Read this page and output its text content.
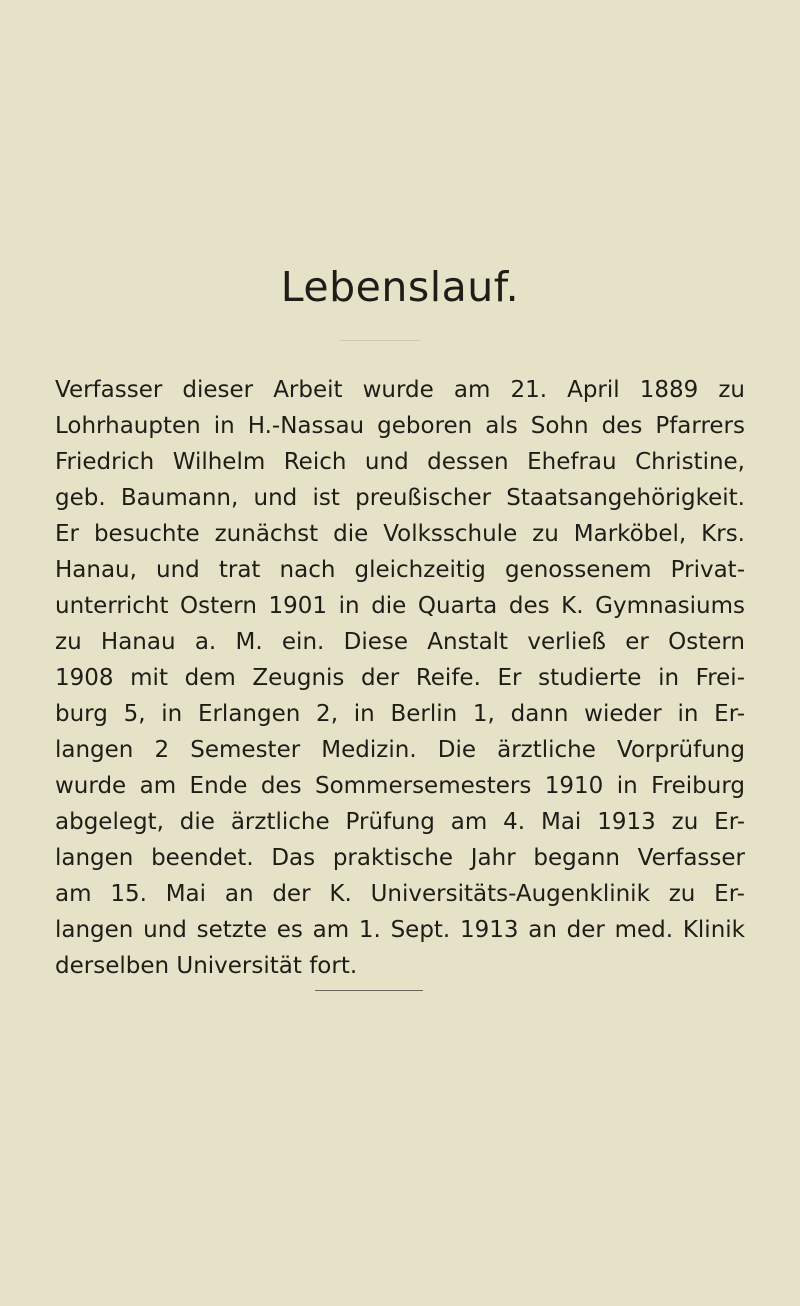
Lebenslauf.
Verfasser dieser Arbeit wurde am 21. April 1889 zu
Lohrhaupten in H.-Nassau geboren als Sohn des Pfarrers
Friedrich Wilhelm Reich und dessen Ehefrau Christine,
geb. Baumann, und ist preußischer Staatsangehörigkeit.
Er besuchte zunächst die Volksschule zu Marköbel, Krs.
Hanau, und trat nach gleichzeitig genossenem Privat-
unterricht Ostern 1901 in die Quarta des K. Gymnasiums
zu Hanau a. M. ein. Diese Anstalt verließ er Ostern
1908 mit dem Zeugnis der Reife. Er studierte in Frei-
burg 5, in Erlangen 2, in Berlin 1, dann wieder in Er-
langen 2 Semester Medizin. Die ärztliche Vorprüfung
wurde am Ende des Sommersemesters 1910 in Freiburg
abgelegt, die ärztliche Prüfung am 4. Mai 1913 zu Er-
langen beendet. Das praktische Jahr begann Verfasser
am 15. Mai an der K. Universitäts-Augenklinik zu Er-
langen und setzte es am 1. Sept. 1913 an der med. Klinik
derselben Universität fort.
